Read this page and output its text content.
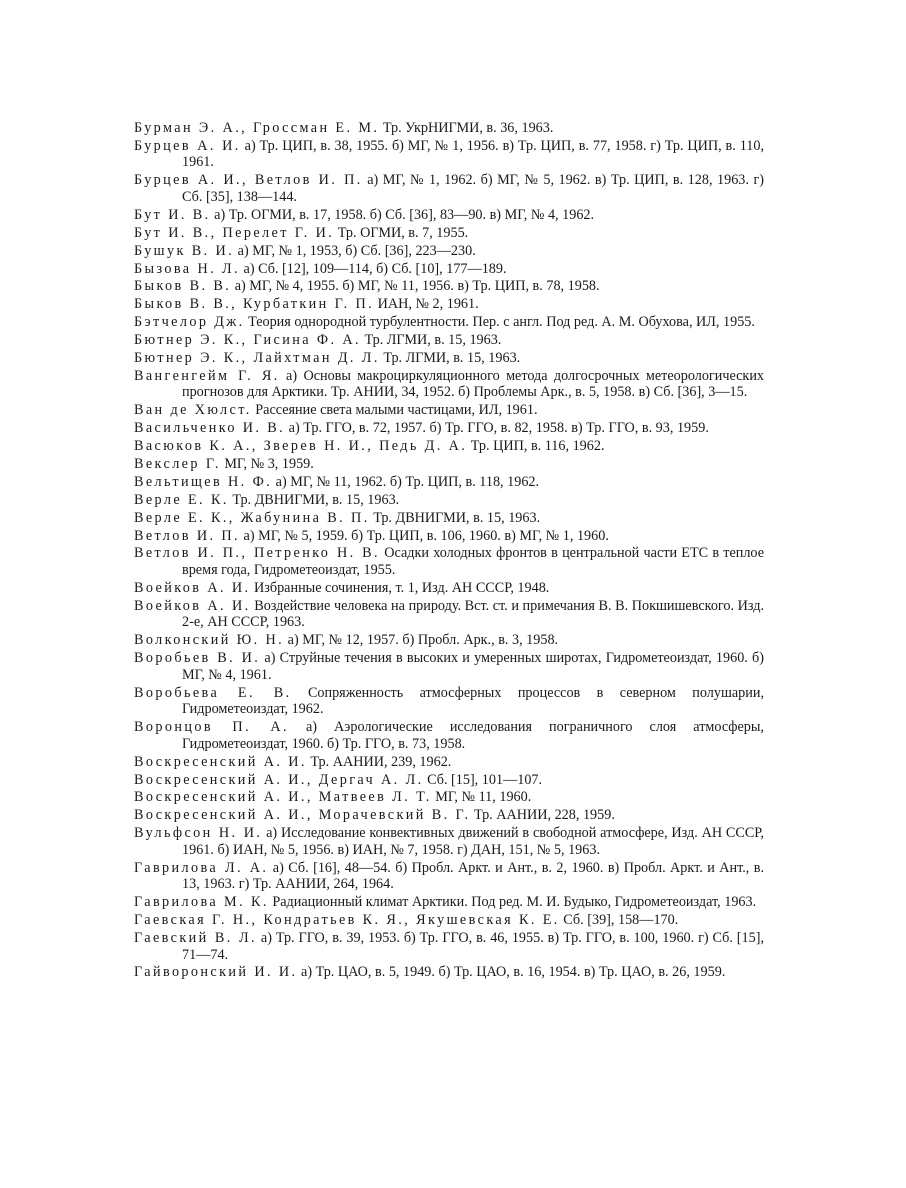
Бурман Э. А., Гроссман Е. М. Тр. УкрНИГМИ, в. 36, 1963.

Бурцев А. И. а) Тр. ЦИП, в. 38, 1955. б) МГ, № 1, 1956. в) Тр. ЦИП, в. 77, 1958. г) Тр. ЦИП, в. 110, 1961.

Бурцев А. И., Ветлов И. П. а) МГ, № 1, 1962. б) МГ, № 5, 1962. в) Тр. ЦИП, в. 128, 1963. г) Сб. [35], 138—144.

Бут И. В. а) Тр. ОГМИ, в. 17, 1958. б) Сб. [36], 83—90. в) МГ, № 4, 1962.

Бут И. В., Перелет Г. И. Тр. ОГМИ, в. 7, 1955.

Бушук В. И. а) МГ, № 1, 1953, б) Сб. [36], 223—230.

Бызова Н. Л. а) Сб. [12], 109—114, б) Сб. [10], 177—189.

Быков В. В. а) МГ, № 4, 1955. б) МГ, № 11, 1956. в) Тр. ЦИП, в. 78, 1958.

Быков В. В., Курбаткин Г. П. ИАН, № 2, 1961.

Бэтчелор Дж. Теория однородной турбулентности. Пер. с англ. Под ред. А. М. Обухова, ИЛ, 1955.

Бютнер Э. К., Гисина Ф. А. Тр. ЛГМИ, в. 15, 1963.

Бютнер Э. К., Лайхтман Д. Л. Тр. ЛГМИ, в. 15, 1963.

Вангенгейм Г. Я. а) Основы макроциркуляционного метода долгосрочных метеорологических прогнозов для Арктики. Тр. АНИИ, 34, 1952. б) Проблемы Арк., в. 5, 1958. в) Сб. [36], 3—15.

Ван де Хюлст. Рассеяние света малыми частицами, ИЛ, 1961.

Васильченко И. В. а) Тр. ГГО, в. 72, 1957. б) Тр. ГГО, в. 82, 1958. в) Тр. ГГО, в. 93, 1959.

Васюков К. А., Зверев Н. И., Педь Д. А. Тр. ЦИП, в. 116, 1962.

Векслер Г. МГ, № 3, 1959.

Вельтищев Н. Ф. а) МГ, № 11, 1962. б) Тр. ЦИП, в. 118, 1962.

Верле Е. К. Тр. ДВНИГМИ, в. 15, 1963.

Верле Е. К., Жабунина В. П. Тр. ДВНИГМИ, в. 15, 1963.

Ветлов И. П. а) МГ, № 5, 1959. б) Тр. ЦИП, в. 106, 1960. в) МГ, № 1, 1960.

Ветлов И. П., Петренко Н. В. Осадки холодных фронтов в центральной части ЕТС в теплое время года, Гидрометеоиздат, 1955.

Воейков А. И. Избранные сочинения, т. 1, Изд. АН СССР, 1948.

Воейков А. И. Воздействие человека на природу. Вст. ст. и примечания В. В. Покшишевского. Изд. 2-е, АН СССР, 1963.

Волконский Ю. Н. а) МГ, № 12, 1957. б) Пробл. Арк., в. 3, 1958.

Воробьев В. И. а) Струйные течения в высоких и умеренных широтах, Гидрометеоиздат, 1960. б) МГ, № 4, 1961.

Воробьева Е. В. Сопряженность атмосферных процессов в северном полушарии, Гидрометеоиздат, 1962.

Воронцов П. А. а) Аэрологические исследования пограничного слоя атмосферы, Гидрометеоиздат, 1960. б) Тр. ГГО, в. 73, 1958.

Воскресенский А. И. Тр. ААНИИ, 239, 1962.

Воскресенский А. И., Дергач А. Л. Сб. [15], 101—107.

Воскресенский А. И., Матвеев Л. Т. МГ, № 11, 1960.

Воскресенский А. И., Морачевский В. Г. Тр. ААНИИ, 228, 1959.

Вульфсон Н. И. а) Исследование конвективных движений в свободной атмосфере, Изд. АН СССР, 1961. б) ИАН, № 5, 1956. в) ИАН, № 7, 1958. г) ДАН, 151, № 5, 1963.

Гаврилова Л. А. а) Сб. [16], 48—54. б) Пробл. Аркт. и Ант., в. 2, 1960. в) Пробл. Аркт. и Ант., в. 13, 1963. г) Тр. ААНИИ, 264, 1964.

Гаврилова М. К. Радиационный климат Арктики. Под ред. М. И. Будыко, Гидрометеоиздат, 1963.

Гаевская Г. Н., Кондратьев К. Я., Якушевская К. Е. Сб. [39], 158—170.

Гаевский В. Л. а) Тр. ГГО, в. 39, 1953. б) Тр. ГГО, в. 46, 1955. в) Тр. ГГО, в. 100, 1960. г) Сб. [15], 71—74.

Гайворонский И. И. а) Тр. ЦАО, в. 5, 1949. б) Тр. ЦАО, в. 16, 1954. в) Тр. ЦАО, в. 26, 1959.
